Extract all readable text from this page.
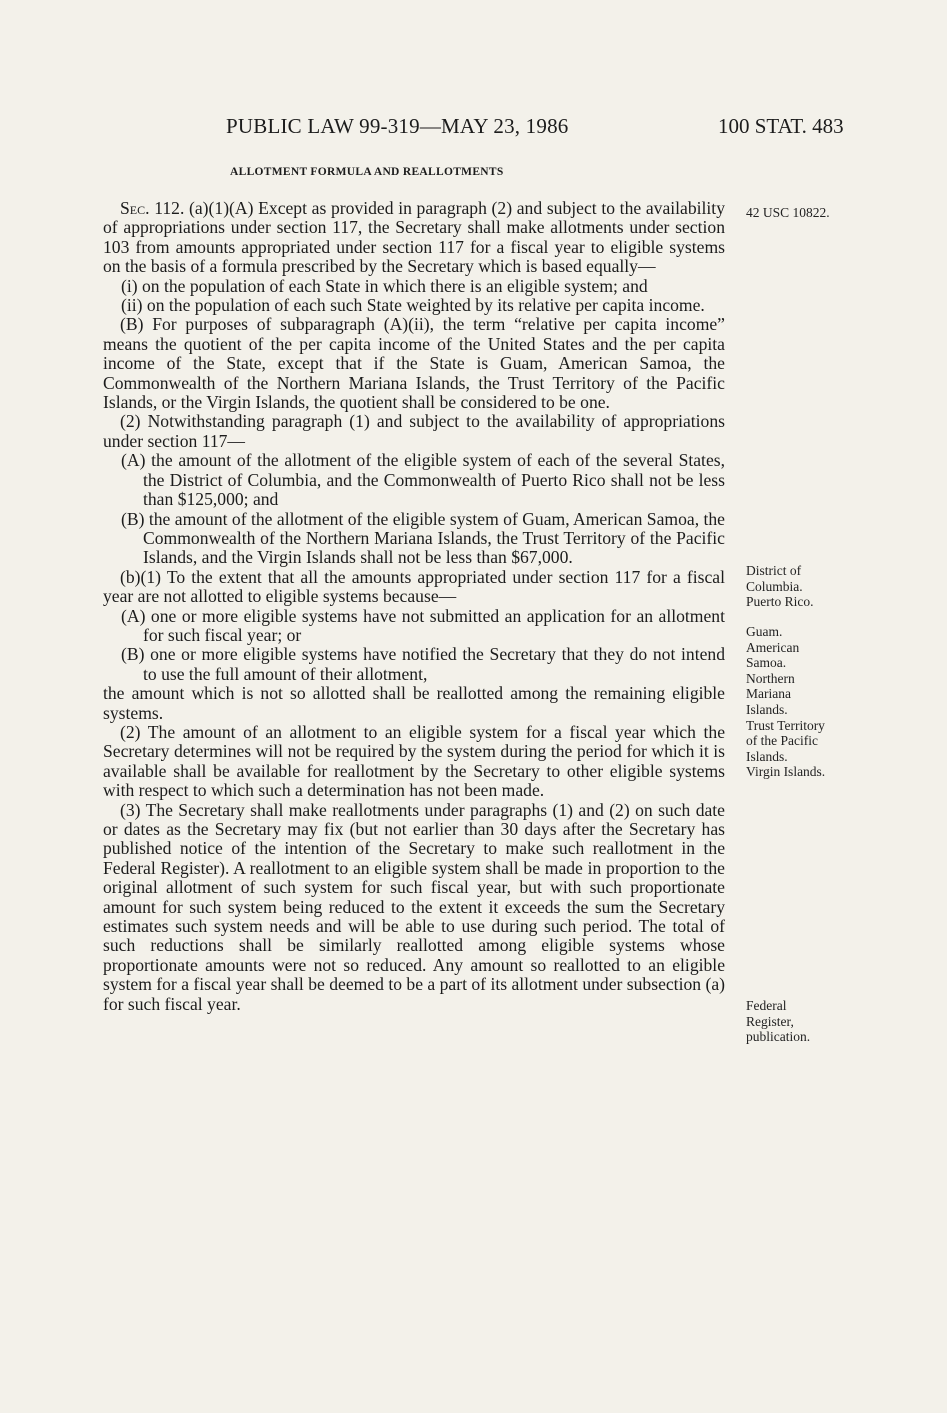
PUBLIC LAW 99-319—MAY 23, 1986	100 STAT. 483
ALLOTMENT FORMULA AND REALLOTMENTS

Sec. 112. (a)(1)(A) Except as provided in paragraph (2) and subject to the availability of appropriations under section 117, the Secretary shall make allotments under section 103 from amounts appropriated under section 117 for a fiscal year to eligible systems on the basis of a formula prescribed by the Secretary which is based equally—

(i) on the population of each State in which there is an eligible system; and

(ii) on the population of each such State weighted by its relative per capita income.

(B) For purposes of subparagraph (A)(ii), the term “relative per capita income” means the quotient of the per capita income of the United States and the per capita income of the State, except that if the State is Guam, American Samoa, the Commonwealth of the Northern Mariana Islands, the Trust Territory of the Pacific Islands, or the Virgin Islands, the quotient shall be considered to be one.

(2) Notwithstanding paragraph (1) and subject to the availability of appropriations under section 117—

(A) the amount of the allotment of the eligible system of each of the several States, the District of Columbia, and the Commonwealth of Puerto Rico shall not be less than $125,000; and

(B) the amount of the allotment of the eligible system of Guam, American Samoa, the Commonwealth of the Northern Mariana Islands, the Trust Territory of the Pacific Islands, and the Virgin Islands shall not be less than $67,000.

(b)(1) To the extent that all the amounts appropriated under section 117 for a fiscal year are not allotted to eligible systems because—

(A) one or more eligible systems have not submitted an application for an allotment for such fiscal year; or

(B) one or more eligible systems have notified the Secretary that they do not intend to use the full amount of their allotment,

the amount which is not so allotted shall be reallotted among the remaining eligible systems.

(2) The amount of an allotment to an eligible system for a fiscal year which the Secretary determines will not be required by the system during the period for which it is available shall be available for reallotment by the Secretary to other eligible systems with respect to which such a determination has not been made.

(3) The Secretary shall make reallotments under paragraphs (1) and (2) on such date or dates as the Secretary may fix (but not earlier than 30 days after the Secretary has published notice of the intention of the Secretary to make such reallotment in the Federal Register). A reallotment to an eligible system shall be made in proportion to the original allotment of such system for such fiscal year, but with such proportionate amount for such system being reduced to the extent it exceeds the sum the Secretary estimates such system needs and will be able to use during such period. The total of such reductions shall be similarly reallotted among eligible systems whose proportionate amounts were not so reduced. Any amount so reallotted to an eligible system for a fiscal year shall be deemed to be a part of its allotment under subsection (a) for such fiscal year.

42 USC 10822.
District of
Columbia.
Puerto Rico.
Guam.
American
Samoa.
Northern
Mariana
Islands.
Trust Territory
of the Pacific
Islands.
Virgin Islands.
Federal
Register,
publication.
